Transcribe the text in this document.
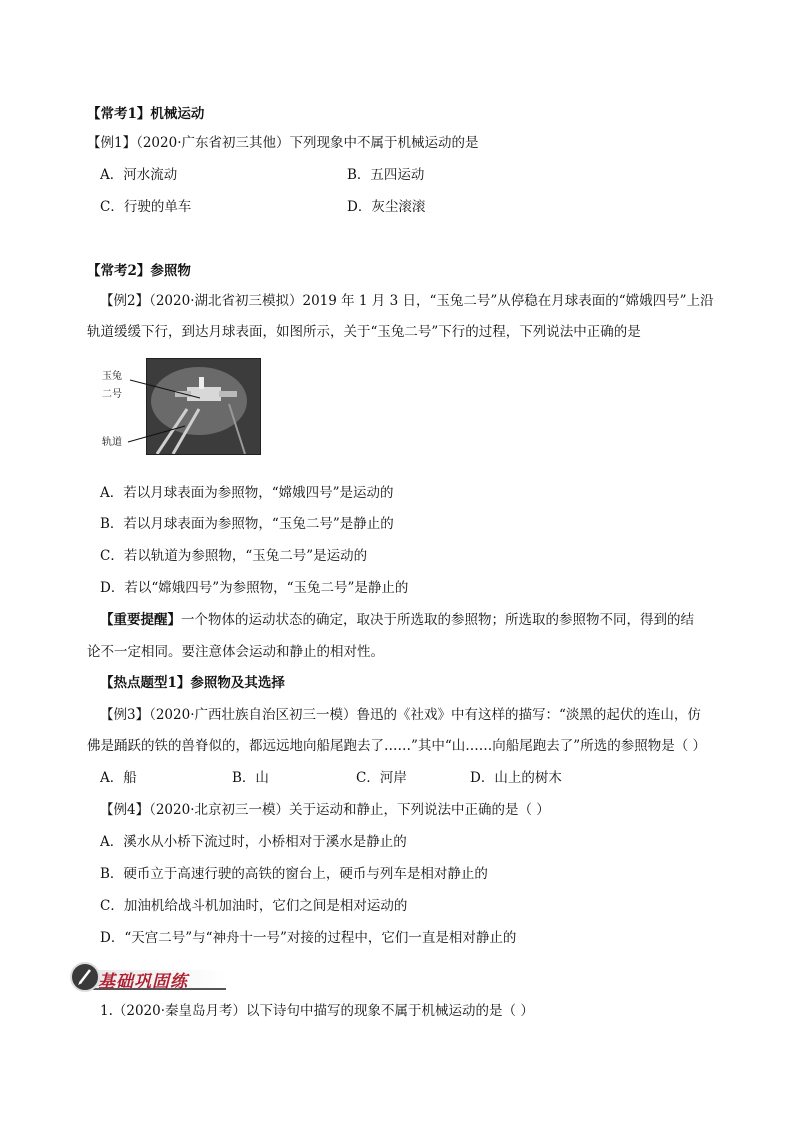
【常考1】机械运动
【例1】（2020·广东省初三其他）下列现象中不属于机械运动的是
A．河水流动	B．五四运动
C．行驶的单车	D．灰尘滚滚
【常考2】参照物
【例2】（2020·湖北省初三模拟）2019 年 1 月 3 日，“玉兔二号”从停稳在月球表面的“嫦娥四号”上沿
轨道缓缓下行，到达月球表面，如图所示，关于“玉兔二号”下行的过程，下列说法中正确的是
玉兔
二号
轨道
A．若以月球表面为参照物，“嫦娥四号”是运动的
B．若以月球表面为参照物，“玉兔二号”是静止的
C．若以轨道为参照物，“玉兔二号”是运动的
D．若以“嫦娥四号”为参照物，“玉兔二号”是静止的
【重要提醒】一个物体的运动状态的确定，取决于所选取的参照物；所选取的参照物不同，得到的结
论不一定相同。要注意体会运动和静止的相对性。
【热点题型1】参照物及其选择
【例3】（2020·广西壮族自治区初三一模）鲁迅的《社戏》中有这样的描写：“淡黑的起伏的连山，仿
佛是踊跃的铁的兽脊似的，都远远地向船尾跑去了……”其中“山……向船尾跑去了”所选的参照物是（ ）
A．船	B．山	C．河岸	D．山上的树木
【例4】（2020·北京初三一模）关于运动和静止，下列说法中正确的是（ ）
A．溪水从小桥下流过时，小桥相对于溪水是静止的
B．硬币立于高速行驶的高铁的窗台上，硬币与列车是相对静止的
C．加油机给战斗机加油时，它们之间是相对运动的
D．“天宫二号”与“神舟十一号”对接的过程中，它们一直是相对静止的
基础巩固练
1.（2020·秦皇岛月考）以下诗句中描写的现象不属于机械运动的是（ ）
